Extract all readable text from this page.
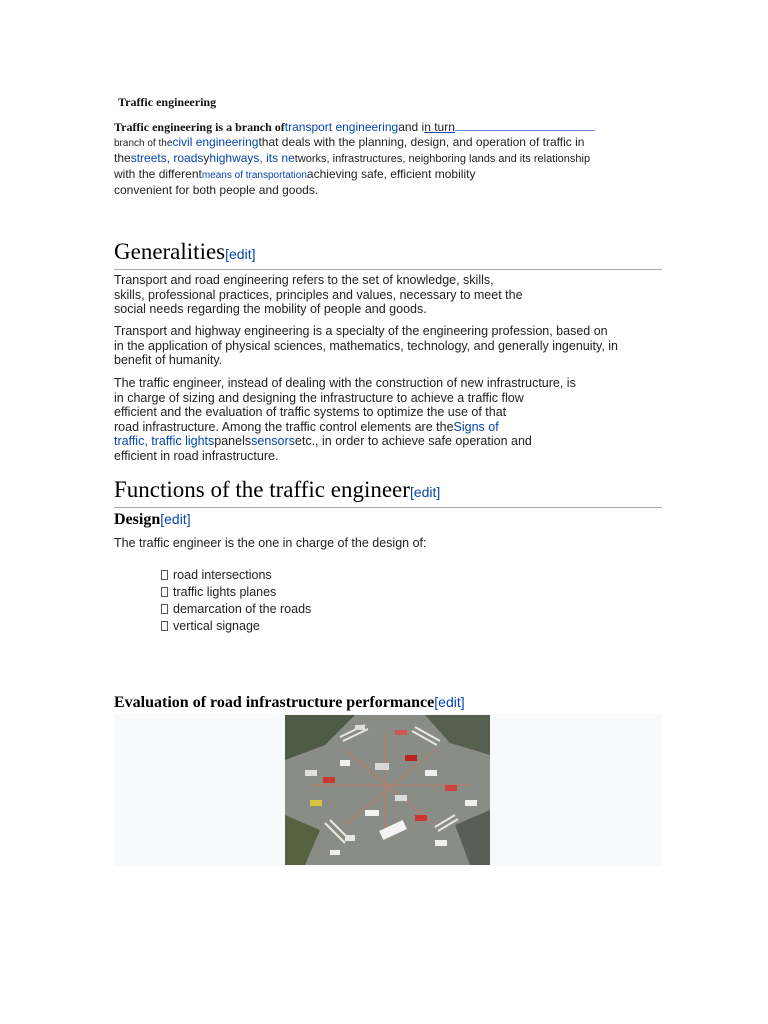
Traffic engineering
Traffic engineering is a branch oftransport engineeringand in turn
branch of thecivil engineeringthat deals with the planning, design, and operation of traffic in
thestreets, roadsyhighways, its networks, infrastructures, neighboring lands and its relationship
with the differentmeans of transportationachieving safe, efficient mobility
convenient for both people and goods.
Generalities[edit]
Transport and road engineering refers to the set of knowledge, skills,
skills, professional practices, principles and values, necessary to meet the
social needs regarding the mobility of people and goods.
Transport and highway engineering is a specialty of the engineering profession, based on
in the application of physical sciences, mathematics, technology, and generally ingenuity, in
benefit of humanity.
The traffic engineer, instead of dealing with the construction of new infrastructure, is
in charge of sizing and designing the infrastructure to achieve a traffic flow
efficient and the evaluation of traffic systems to optimize the use of that
road infrastructure. Among the traffic control elements are theSigns of
traffic, traffic lightspanelssensorsetc., in order to achieve safe operation and
efficient in road infrastructure.
Functions of the traffic engineer[edit]
Design[edit]
The traffic engineer is the one in charge of the design of:
road intersections
traffic lights planes
demarcation of the roads
vertical signage
Evaluation of road infrastructure performance[edit]
